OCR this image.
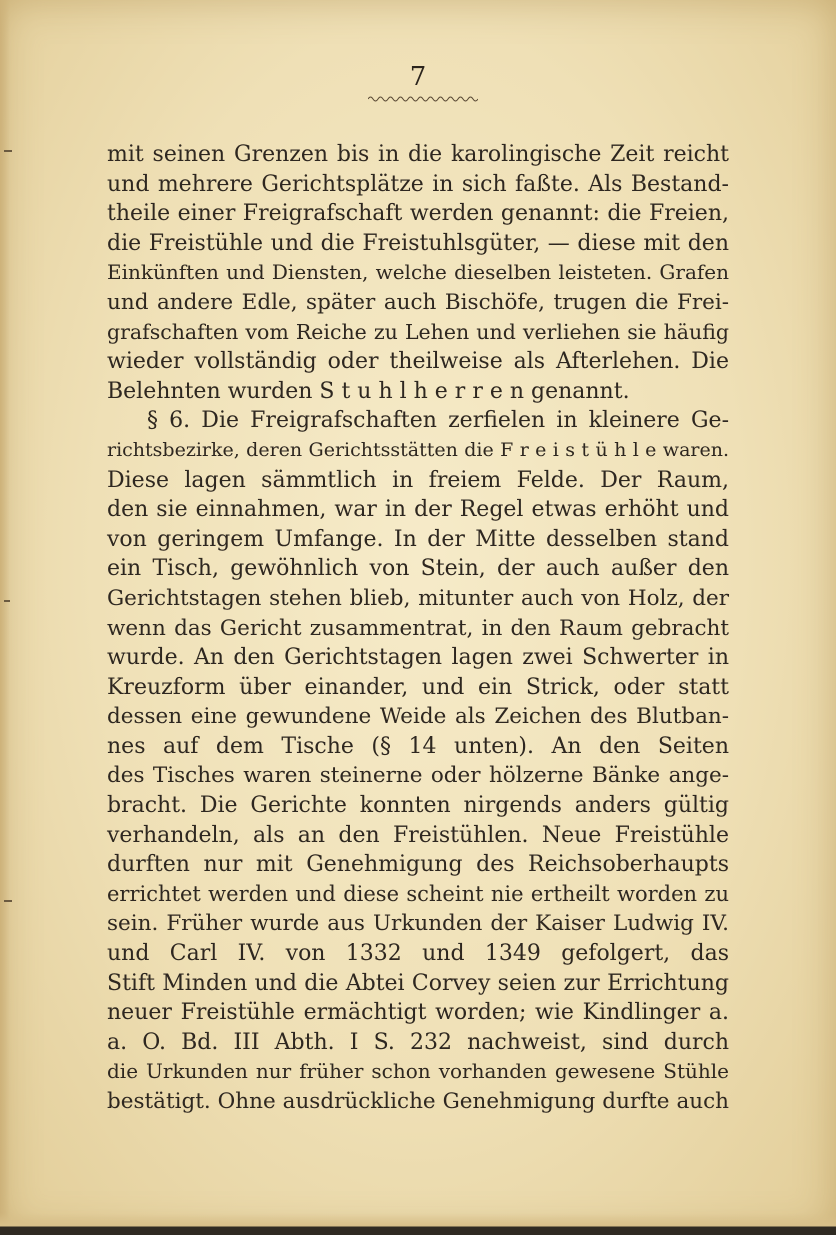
7
mit seinen Grenzen bis in die karolingische Zeit reicht
und mehrere Gerichtsplätze in sich faßte. Als Bestand-
theile einer Freigrafschaft werden genannt: die Freien,
die Freistühle und die Freistuhlsgüter, — diese mit den
Einkünften und Diensten, welche dieselben leisteten. Grafen
und andere Edle, später auch Bischöfe, trugen die Frei-
grafschaften vom Reiche zu Lehen und verliehen sie häufig
wieder vollständig oder theilweise als Afterlehen. Die
Belehnten wurden S t u h l h e r r e n genannt.
§ 6. Die Freigrafschaften zerfielen in kleinere Ge-
richtsbezirke, deren Gerichtsstätten die F r e i s t ü h l e waren.
Diese lagen sämmtlich in freiem Felde. Der Raum,
den sie einnahmen, war in der Regel etwas erhöht und
von geringem Umfange. In der Mitte desselben stand
ein Tisch, gewöhnlich von Stein, der auch außer den
Gerichtstagen stehen blieb, mitunter auch von Holz, der
wenn das Gericht zusammentrat, in den Raum gebracht
wurde. An den Gerichtstagen lagen zwei Schwerter in
Kreuzform über einander, und ein Strick, oder statt
dessen eine gewundene Weide als Zeichen des Blutban-
nes auf dem Tische (§ 14 unten). An den Seiten
des Tisches waren steinerne oder hölzerne Bänke ange-
bracht. Die Gerichte konnten nirgends anders gültig
verhandeln, als an den Freistühlen. Neue Freistühle
durften nur mit Genehmigung des Reichsoberhaupts
errichtet werden und diese scheint nie ertheilt worden zu
sein. Früher wurde aus Urkunden der Kaiser Ludwig IV.
und Carl IV. von 1332 und 1349 gefolgert, das
Stift Minden und die Abtei Corvey seien zur Errichtung
neuer Freistühle ermächtigt worden; wie Kindlinger a.
a. O. Bd. III Abth. I S. 232 nachweist, sind durch
die Urkunden nur früher schon vorhanden gewesene Stühle
bestätigt. Ohne ausdrückliche Genehmigung durfte auch
